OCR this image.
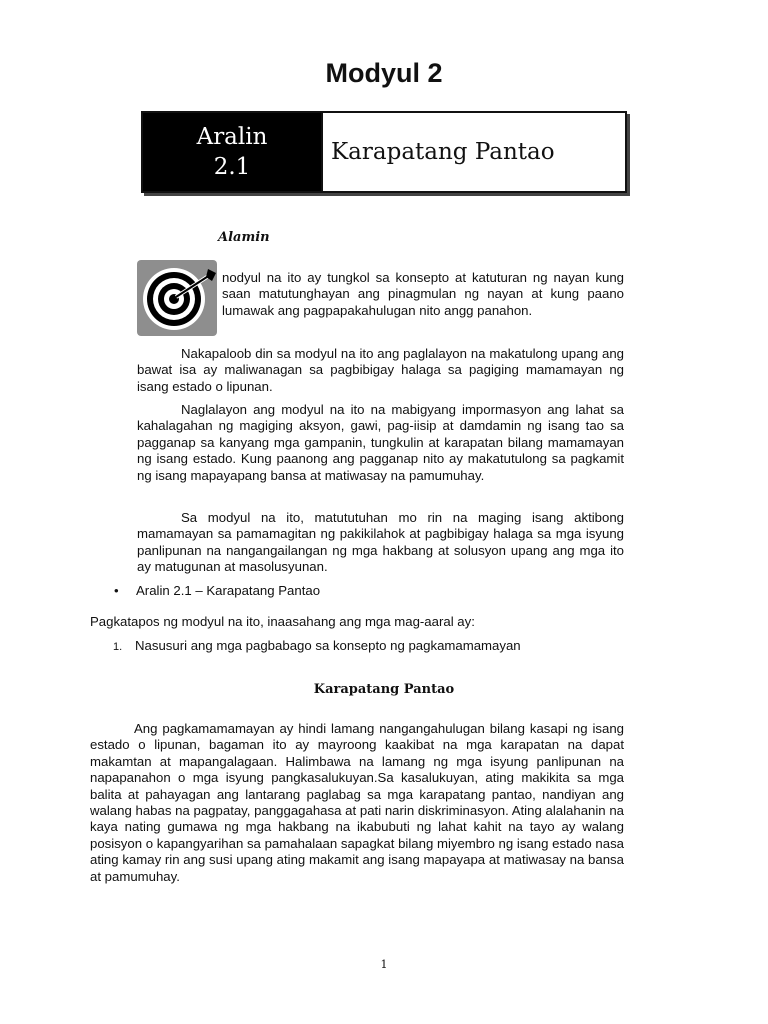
Modyul 2
Aralin
2.1
Karapatang Pantao
Alamin

nodyul na ito ay tungkol sa konsepto at katuturan ng nayan kung saan matutunghayan ang pinagmulan ng nayan at kung paano lumawak ang pagpapakahulugan nito angg panahon.

Nakapaloob din sa modyul na ito ang paglalayon na makatulong upang ang bawat isa ay maliwanagan sa pagbibigay halaga sa pagiging mamamayan ng isang estado o lipunan.

Naglalayon ang modyul na ito na mabigyang impormasyon ang lahat sa kahalagahan ng magiging aksyon, gawi, pag-iisip at damdamin ng isang tao sa pagganap sa kanyang mga gampanin, tungkulin at karapatan bilang mamamayan ng isang estado. Kung paanong ang pagganap nito ay makatutulong sa pagkamit ng isang mapayapang bansa at matiwasay na pamumuhay.

Sa modyul na ito, matututuhan mo rin na maging isang aktibong mamamayan sa pamamagitan ng pakikilahok at pagbibigay halaga sa mga isyung panlipunan na nangangailangan ng mga hakbang at solusyon upang ang mga ito ay matugunan at masolusyunan.

• Aralin 2.1 – Karapatang Pantao
Pagkatapos ng modyul na ito, inaasahang ang mga mag-aaral ay:
1. Nasusuri ang mga pagbabago sa konsepto ng pagkamamamayan
Karapatang Pantao

Ang pagkamamamayan ay hindi lamang nangangahulugan bilang kasapi ng isang estado o lipunan, bagaman ito ay mayroong kaakibat na mga karapatan na dapat makamtan at mapangalagaan. Halimbawa na lamang ng mga isyung panlipunan na napapanahon o mga isyung pangkasalukuyan.Sa kasalukuyan, ating makikita sa mga balita at pahayagan ang lantarang paglabag sa mga karapatang pantao, nandiyan ang walang habas na pagpatay, panggagahasa at pati narin diskriminasyon. Ating alalahanin na kaya nating gumawa ng mga hakbang na ikabubuti ng lahat kahit na tayo ay walang posisyon o kapangyarihan sa pamahalaan sapagkat bilang miyembro ng isang estado nasa ating kamay rin ang susi upang ating makamit ang isang mapayapa at matiwasay na bansa at pamumuhay.

1
